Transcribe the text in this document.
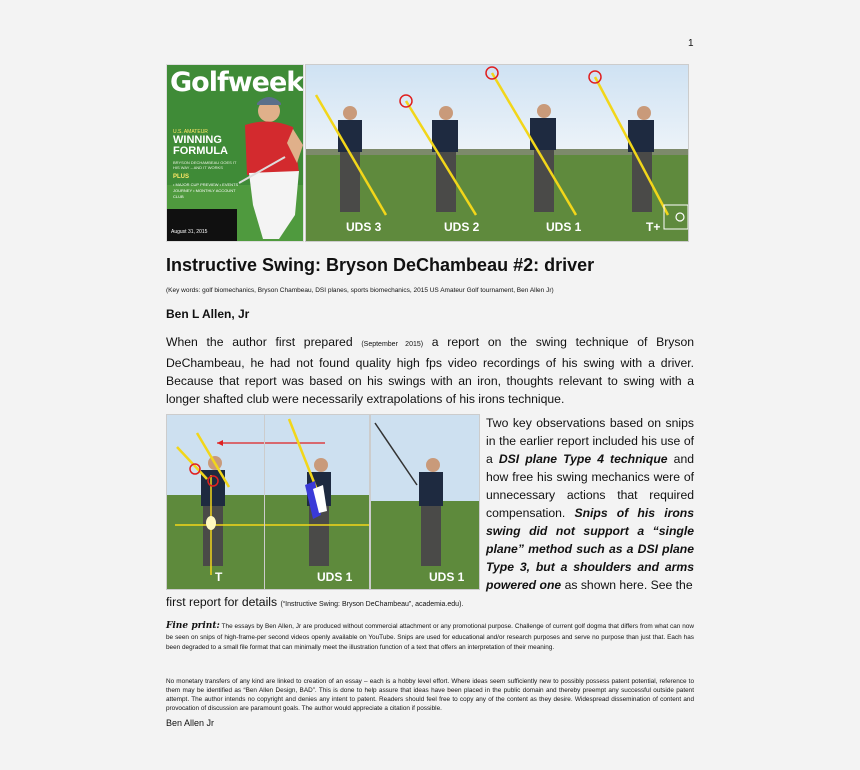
1
Golfweek
U.S. AMATEUR
WINNING
FORMULA
BRYSON DECHAMBEAU GOES IT HIS WAY – AND IT WORKS
PLUS
• MAJOR CUP PREVIEW • EVENTS JOURNEY • MONTHLY ACCOUNT CLUB
August 31, 2015	UDS 3	UDS 2	UDS 1	T+
Instructive Swing: Bryson DeChambeau #2: driver
(Key words: golf biomechanics, Bryson Chambeau, DSI planes, sports biomechanics, 2015 US Amateur Golf tournament, Ben Allen Jr)
Ben L Allen, Jr
When the author first prepared (September 2015) a report on the swing technique of Bryson DeChambeau, he had not found quality high fps video recordings of his swing with a driver. Because that report was based on his swings with an iron, thoughts relevant to swing with a longer shafted club were necessarily extrapolations of his irons technique.
T	UDS 1	UDS 1
Two key observations based on snips in the earlier report included his use of a DSI plane Type 4 technique and how free his swing mechanics were of unnecessary actions that required compensation. Snips of his irons swing did not support a “single plane” method such as a DSI plane Type 3, but a shoulders and arms powered one as shown here. See the
first report for details (“Instructive Swing: Bryson DeChambeau”, academia.edu).
Fine print: The essays by Ben Allen, Jr are produced without commercial attachment or any promotional purpose. Challenge of current golf dogma that differs from what can now be seen on snips of high-frame-per second videos openly available on YouTube. Snips are used for educational and/or research purposes and serve no purpose than just that. Each has been degraded to a small file format that can minimally meet the illustration function of a text that offers an interpretation of their meaning.
No monetary transfers of any kind are linked to creation of an essay – each is a hobby level effort. Where ideas seem sufficiently new to possibly possess patent potential, reference to them may be identified as “Ben Allen Design, BAD”. This is done to help assure that ideas have been placed in the public domain and thereby preempt any successful outside patent attempt. The author intends no copyright and denies any intent to patent. Readers should feel free to copy any of the content as they desire. Widespread dissemination of content and provocation of discussion are paramount goals. The author would appreciate a citation if possible.
Ben Allen Jr
